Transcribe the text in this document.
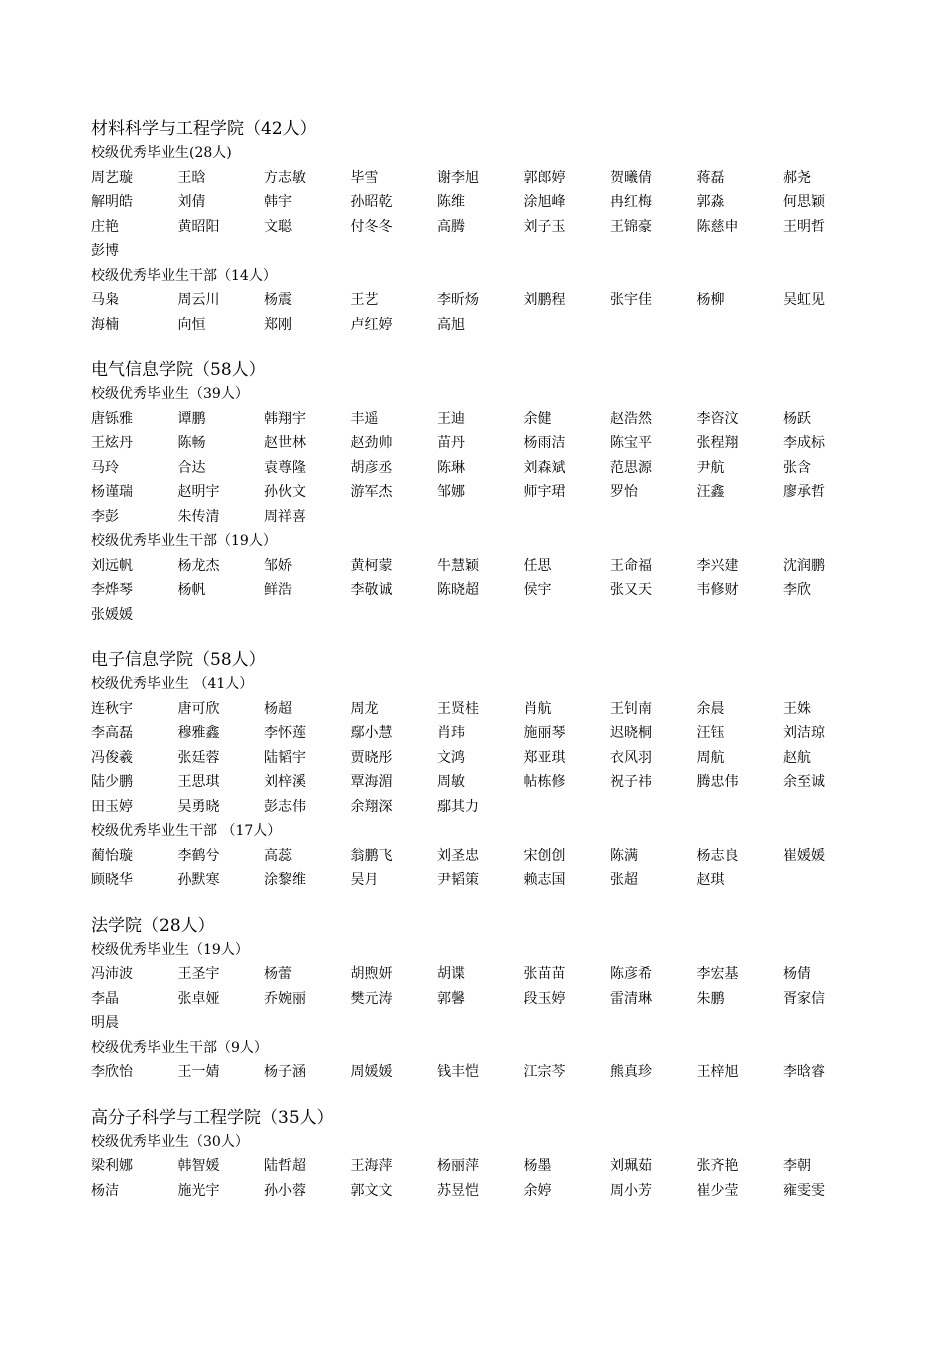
材料科学与工程学院（42人）
校级优秀毕业生(28人)
周艺璇	王晗	方志敏	毕雪	谢李旭	郭郎婷	贺曦倩	蒋磊	郝尧
解明皓	刘倩	韩宇	孙昭乾	陈维	涂旭峰	冉红梅	郭淼	何思颖
庄艳	黄昭阳	文聪	付冬冬	高腾	刘子玉	王锦豪	陈慈申	王明哲
彭博
校级优秀毕业生干部（14人）
马枭	周云川	杨震	王艺	李昕炀	刘鹏程	张宇佳	杨柳	吴虹见
海楠	向恒	郑刚	卢红婷	高旭
电气信息学院（58人）
校级优秀毕业生（39人）
唐铄雅	谭鹏	韩翔宇	丰遥	王迪	余健	赵浩然	李咨汶	杨跃
王炫丹	陈畅	赵世林	赵劲帅	苗丹	杨雨洁	陈宝平	张程翔	李成标
马玲	合达	袁尊隆	胡彦丞	陈琳	刘森斌	范思源	尹航	张含
杨谨瑞	赵明宇	孙伙文	游军杰	邹娜	师宇珺	罗怡	汪鑫	廖承哲
李彭	朱传清	周祥喜
校级优秀毕业生干部（19人）
刘远帆	杨龙杰	邹娇	黄柯蒙	牛慧颖	任思	王命福	李兴建	沈润鹏
李烨琴	杨帆	鲜浩	李敬诚	陈晓超	侯宇	张又天	韦修财	李欣
张媛媛
电子信息学院（58人）
校级优秀毕业生 （41人）
连秋宇	唐可欣	杨超	周龙	王贤桂	肖航	王钊南	余晨	王姝
李高磊	穆雅鑫	李怀莲	鄢小慧	肖玮	施丽琴	迟晓桐	汪钰	刘洁琼
冯俊羲	张廷蓉	陆韬宇	贾晓彤	文鸿	郑亚琪	衣风羽	周航	赵航
陆少鹏	王思琪	刘梓溪	覃海湄	周敏	帖栋修	祝子祎	腾忠伟	余至诚
田玉婷	吴勇晓	彭志伟	余翔深	鄢其力
校级优秀毕业生干部 （17人）
蔺怡璇	李鹤兮	高蕊	翁鹏飞	刘圣忠	宋创创	陈满	杨志良	崔媛媛
顾晓华	孙默寒	涂黎维	吴月	尹韬策	赖志国	张超	赵琪
法学院（28人）
校级优秀毕业生（19人）
冯沛波	王圣宇	杨蕾	胡煦妍	胡谍	张苗苗	陈彦希	李宏基	杨倩
李晶	张卓娅	乔婉丽	樊元涛	郭馨	段玉婷	雷清琳	朱鹏	胥家信
明晨
校级优秀毕业生干部（9人）
李欣怡	王一婧	杨子涵	周媛媛	钱丰恺	江宗芩	熊真珍	王梓旭	李晗睿
高分子科学与工程学院（35人）
校级优秀毕业生（30人）
梁利娜	韩智媛	陆哲超	王海萍	杨丽萍	杨墨	刘珮茹	张齐艳	李朝
杨洁	施光宇	孙小蓉	郭文文	苏昱恺	余婷	周小芳	崔少莹	雍雯雯
